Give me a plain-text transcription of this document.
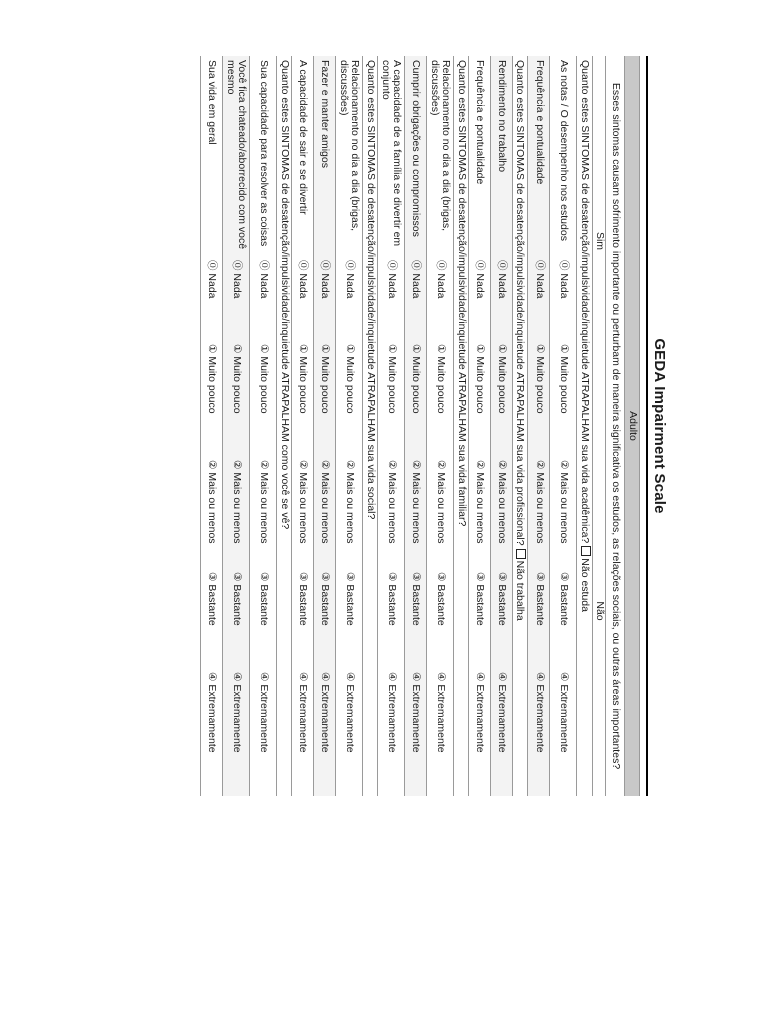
GEDA Impairment Scale
Adulto					
Esses sintomas causam sofrimento importante ou perturbam de maneira significativa os estudos, as relações sociais, ou outras áreas importantes?					

Sim
Não					

Quanto estes SINTOMAS de desatenção/impulsividade/inquietude ATRAPALHAM sua vida acadêmica?Não estuda					
As notas / O desempenho nos estudos	⓪ Nada	① Muito pouco	② Mais ou menos	③ Bastante	④ Extremamente
Frequência e pontualidade	⓪ Nada	① Muito pouco	② Mais ou menos	③ Bastante	④ Extremamente
Quanto estes SINTOMAS de desatenção/impulsividade/inquietude ATRAPALHAM sua vida profissional?Não trabalha					
Rendimento no trabalho	⓪ Nada	① Muito pouco	② Mais ou menos	③ Bastante	④ Extremamente
Frequência e pontualidade	⓪ Nada	① Muito pouco	② Mais ou menos	③ Bastante	④ Extremamente
Quanto estes SINTOMAS de desatenção/impulsividade/inquietude ATRAPALHAM sua vida familiar?					
Relacionamento no dia a dia (brigas, discussões)	⓪ Nada	① Muito pouco	② Mais ou menos	③ Bastante	④ Extremamente
Cumprir obrigações ou compromissos	⓪ Nada	① Muito pouco	② Mais ou menos	③ Bastante	④ Extremamente
A capacidade de a família se divertir em conjunto	⓪ Nada	① Muito pouco	② Mais ou menos	③ Bastante	④ Extremamente
Quanto estes SINTOMAS de desatenção/impulsividade/inquietude ATRAPALHAM sua vida social?					
Relacionamento no dia a dia (brigas, discussões)	⓪ Nada	① Muito pouco	② Mais ou menos	③ Bastante	④ Extremamente
Fazer e manter amigos	⓪ Nada	① Muito pouco	② Mais ou menos	③ Bastante	④ Extremamente
A capacidade de sair e se divertir	⓪ Nada	① Muito pouco	② Mais ou menos	③ Bastante	④ Extremamente
Quanto estes SINTOMAS de desatenção/impulsividade/inquietude ATRAPALHAM como você se vê?					
Sua capacidade para resolver as coisas	⓪ Nada	① Muito pouco	② Mais ou menos	③ Bastante	④ Extremamente
Você fica chateado/aborrecido com você mesmo	⓪ Nada	① Muito pouco	② Mais ou menos	③ Bastante	④ Extremamente
Sua vida em geral	⓪ Nada	① Muito pouco	② Mais ou menos	③ Bastante	④ Extremamente
